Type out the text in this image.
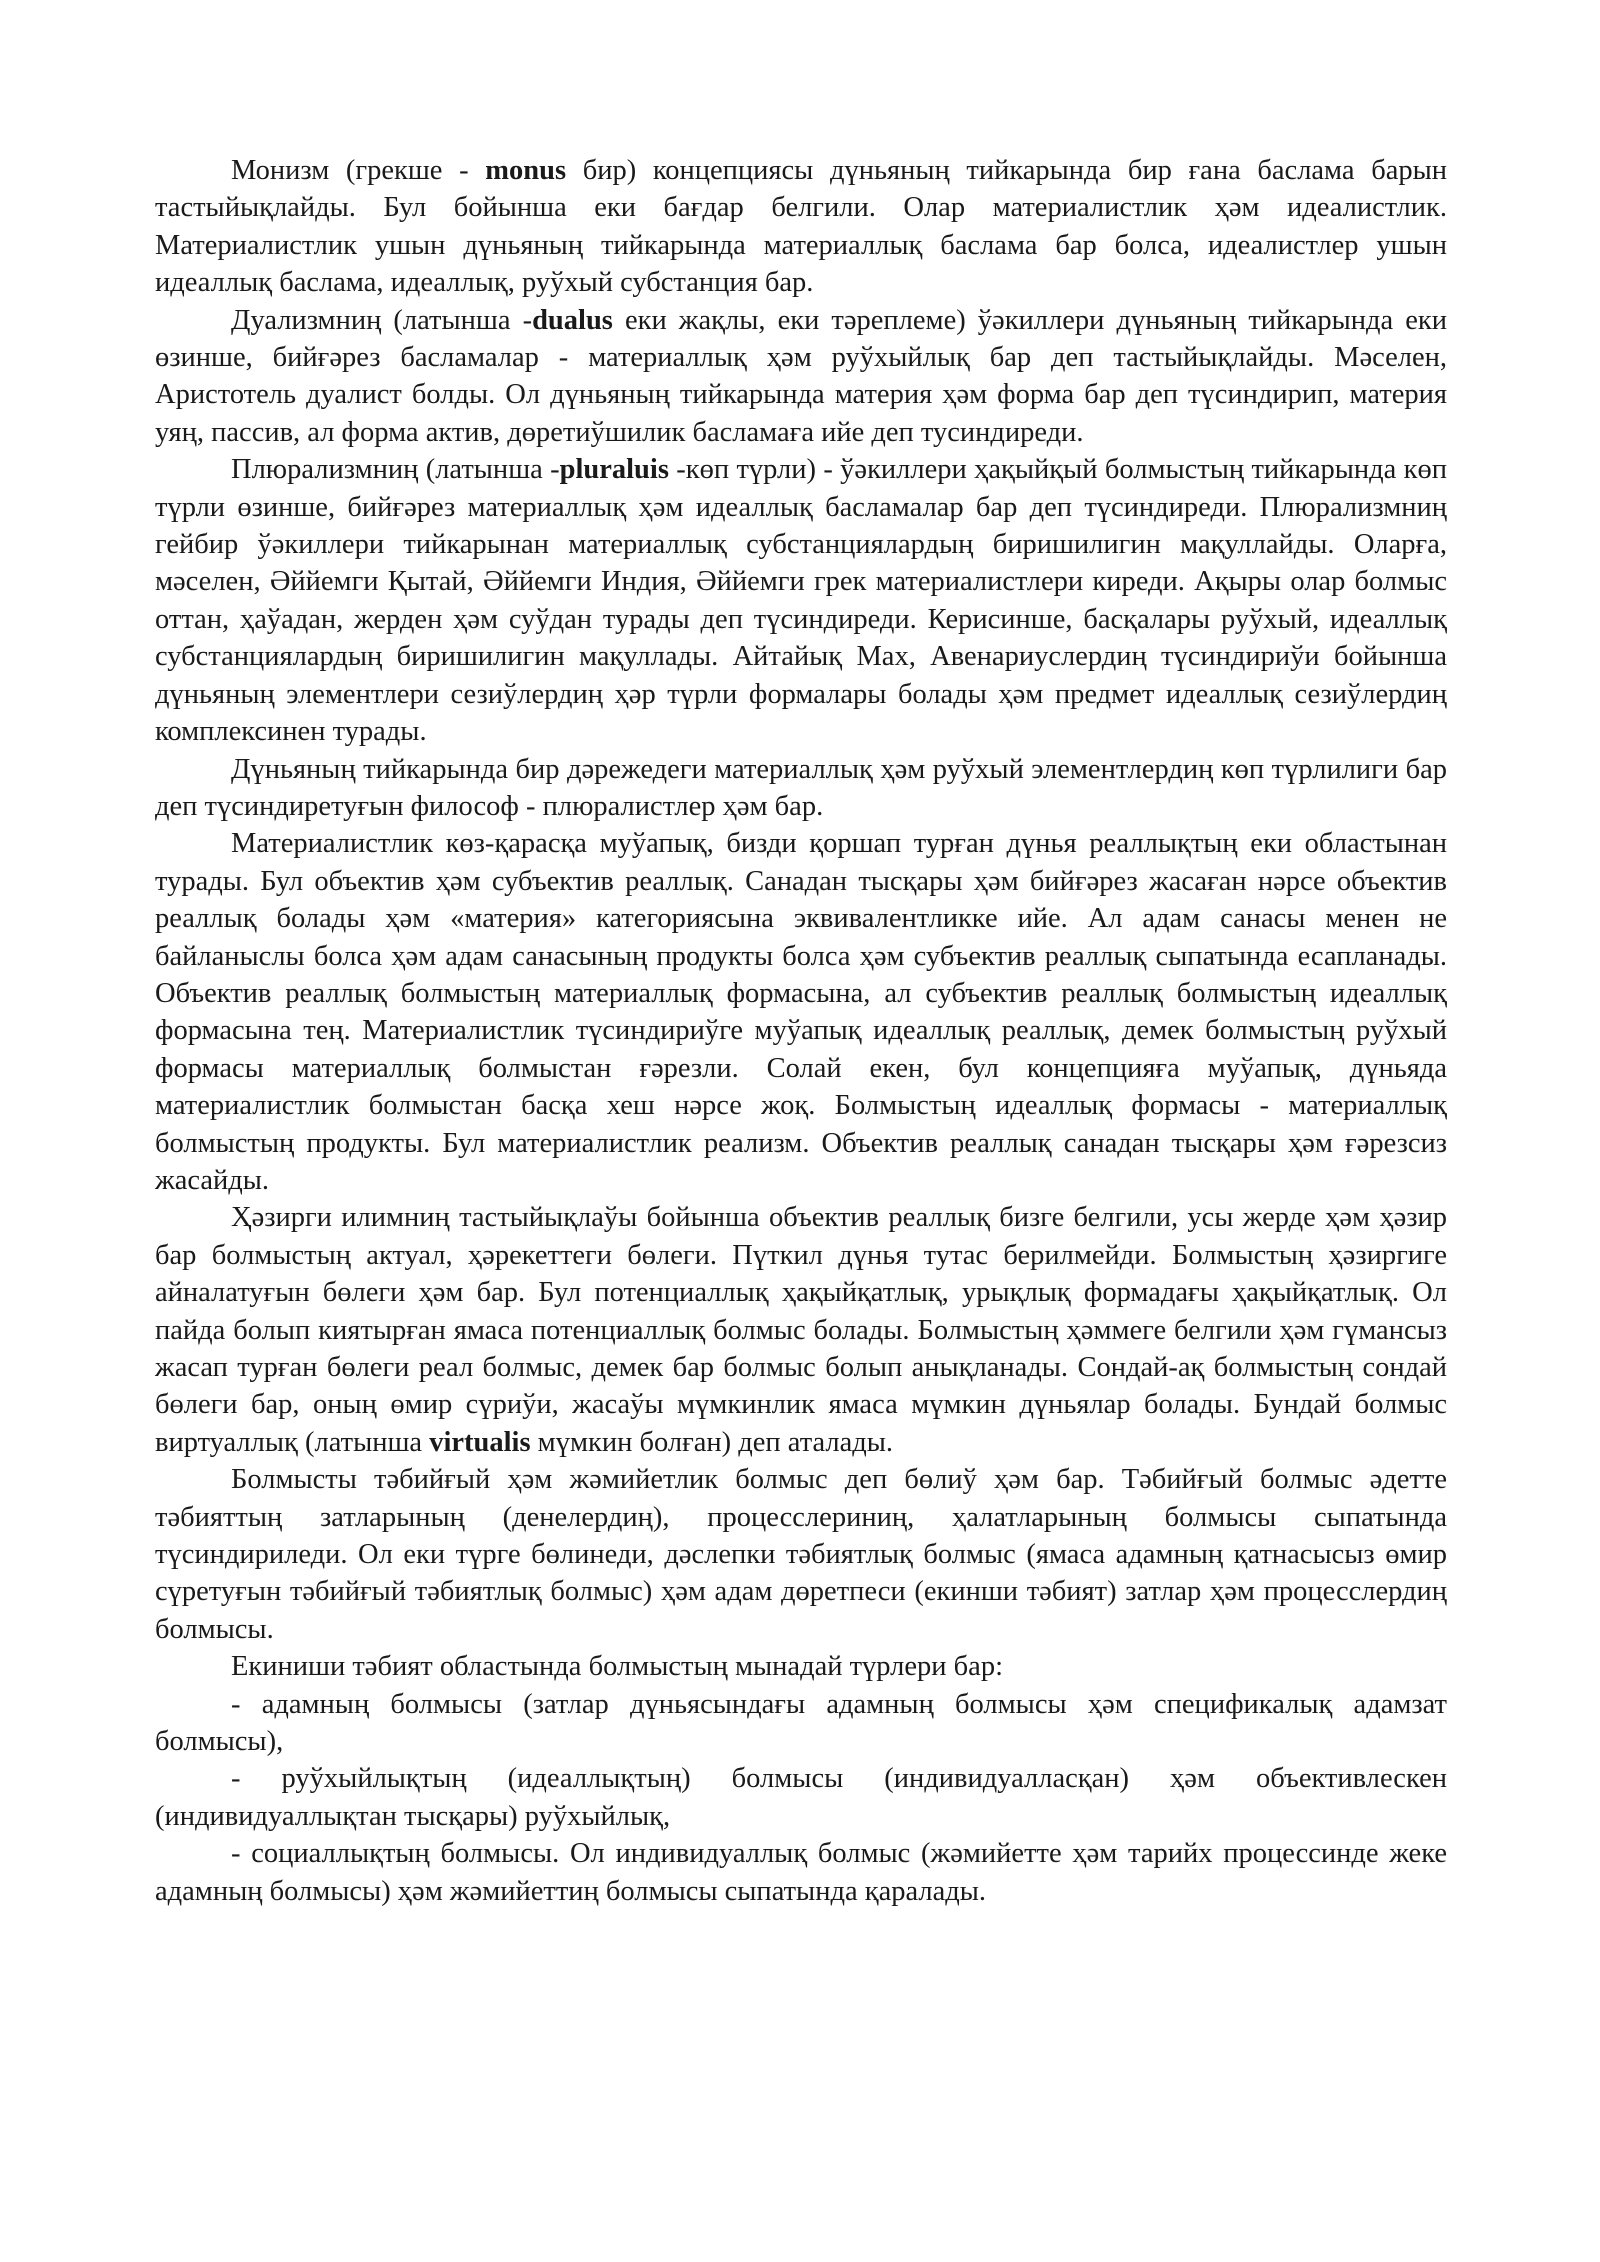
Монизм (грекше - monus бир) концепциясы дүньяның тийкарында бир ғана баслама барын тастыйықлайды. Бул бойынша еки бағдар белгили. Олар материалистлик ҳәм идеалистлик. Материалистлик ушын дүньяның тийкарында материаллық баслама бар болса, идеалистлер ушын идеаллық баслама, идеаллық, руўхый субстанция бар.

Дуализмниң (латынша -dualus еки жақлы, еки тәреплеме) ўәкиллери дүньяның тийкарында еки өзинше, бийғәрез басламалар - материаллық ҳәм руўхыйлық бар деп тастыйықлайды. Мәселен, Аристотель дуалист болды. Ол дүньяның тийкарында материя ҳәм форма бар деп түсиндирип, материя уяң, пассив, ал форма актив, дөретиўшилик басламаға ийе деп тусиндиреди.

Плюрализмниң (латынша -pluraluis -көп түрли) - ўәкиллери ҳақыйқый болмыстың тийкарында көп түрли өзинше, бийғәрез материаллық ҳәм идеаллық басламалар бар деп түсиндиреди. Плюрализмниң гейбир ўәкиллери тийкарынан материаллық субстанциялардың биришилигин мақуллайды. Оларға, мәселен, Әййемги Қытай, Әййемги Индия, Әййемги грек материалистлери киреди. Ақыры олар болмыс оттан, ҳаўадан, жерден ҳәм суўдан турады деп түсиндиреди. Керисинше, басқалары руўхый, идеаллық субстанциялардың биришилигин мақуллады. Айтайық Мах, Авенариуслердиң түсиндириўи бойынша дүньяның элементлери сезиўлердиң ҳәр түрли формалары болады ҳәм предмет идеаллық сезиўлердиң комплексинен турады.

Дүньяның тийкарында бир дәрежедеги материаллық ҳәм руўхый элементлердиң көп түрлилиги бар деп түсиндиретуғын философ - плюралистлер ҳәм бар.

Материалистлик көз-қарасқа муўапық, бизди қоршап турған дүнья реаллықтың еки областынан турады. Бул объектив ҳәм субъектив реаллық. Санадан тысқары ҳәм бийғәрез жасаған нәрсе объектив реаллық болады ҳәм «материя» категориясына эквивалентликке ийе. Ал адам санасы менен не байланыслы болса ҳәм адам санасының продукты болса ҳәм субъектив реаллық сыпатында есапланады. Объектив реаллық болмыстың материаллық формасына, ал субъектив реаллық болмыстың идеаллық формасына тең. Материалистлик түсиндириўге муўапық идеаллық реаллық, демек болмыстың руўхый формасы материаллық болмыстан ғәрезли. Солай екен, бул концепцияға муўапық, дүньяда материалистлик болмыстан басқа хеш нәрсе жоқ. Болмыстың идеаллық формасы - материаллық болмыстың продукты. Бул материалистлик реализм. Объектив реаллық санадан тысқары ҳәм ғәрезсиз жасайды.

Ҳәзирги илимниң тастыйықлаўы бойынша объектив реаллық бизге белгили, усы жерде ҳәм ҳәзир бар болмыстың актуал, ҳәрекеттеги бөлеги. Пүткил дүнья тутас берилмейди. Болмыстың ҳәзиргиге айналатуғын бөлеги ҳәм бар. Бул потенциаллық ҳақыйқатлық, урықлық формадағы ҳақыйқатлық. Ол пайда болып киятырған ямаса потенциаллық болмыс болады. Болмыстың ҳәммеге белгили ҳәм гүмансыз жасап турған бөлеги реал болмыс, демек бар болмыс болып анықланады. Сондай-ақ болмыстың сондай бөлеги бар, оның өмир сүриўи, жасаўы мүмкинлик ямаса мүмкин дүньялар болады. Бундай болмыс виртуаллық (латынша virtualis мүмкин болған) деп аталады.

Болмысты тәбийғый ҳәм жәмийетлик болмыс деп бөлиў ҳәм бар. Тәбийғый болмыс әдетте тәбияттың затларының (денелердиң), процесслериниң, ҳалатларының болмысы сыпатында түсиндириледи. Ол еки түрге бөлинеди, дәслепки тәбиятлық болмыс (ямаса адамның қатнасысыз өмир сүретуғын тәбийғый тәбиятлық болмыс) ҳәм адам дөретпеси (екинши тәбият) затлар ҳәм процесслердиң болмысы.

Екиниши тәбият областында болмыстың мынадай түрлери бар:

- адамның болмысы (затлар дүньясындағы адамның болмысы ҳәм спецификалық адамзат болмысы),

- руўхыйлықтың (идеаллықтың) болмысы (индивидуалласқан) ҳәм объективлескен (индивидуаллықтан тысқары) руўхыйлық,

- социаллықтың болмысы. Ол индивидуаллық болмыс (жәмийетте ҳәм тарийх процессинде жеке адамның болмысы) ҳәм жәмийеттиң болмысы сыпатында қаралады.
